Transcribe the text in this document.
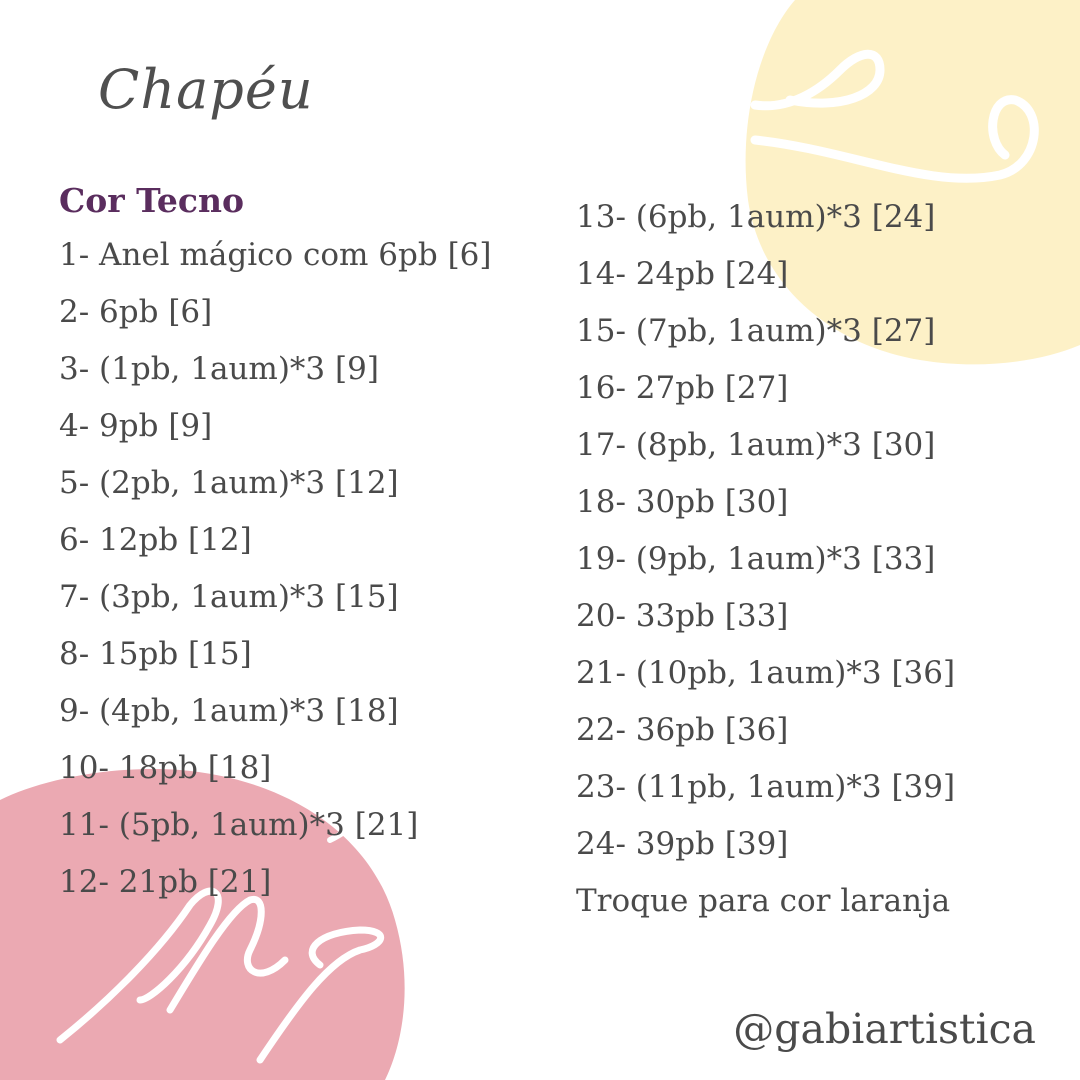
Chapéu
Cor Tecno
1- Anel mágico com 6pb [6]
2- 6pb [6]
3- (1pb, 1aum)*3 [9]
4- 9pb [9]
5- (2pb, 1aum)*3 [12]
6- 12pb [12]
7- (3pb, 1aum)*3 [15]
8- 15pb [15]
9- (4pb, 1aum)*3 [18]
10- 18pb [18]
11- (5pb, 1aum)*3 [21]
12- 21pb [21]
13- (6pb, 1aum)*3 [24]
14- 24pb [24]
15- (7pb, 1aum)*3 [27]
16- 27pb [27]
17- (8pb, 1aum)*3 [30]
18- 30pb [30]
19- (9pb, 1aum)*3 [33]
20- 33pb [33]
21- (10pb, 1aum)*3 [36]
22- 36pb [36]
23- (11pb, 1aum)*3 [39]
24- 39pb [39]
Troque para cor laranja
@gabiartistica
